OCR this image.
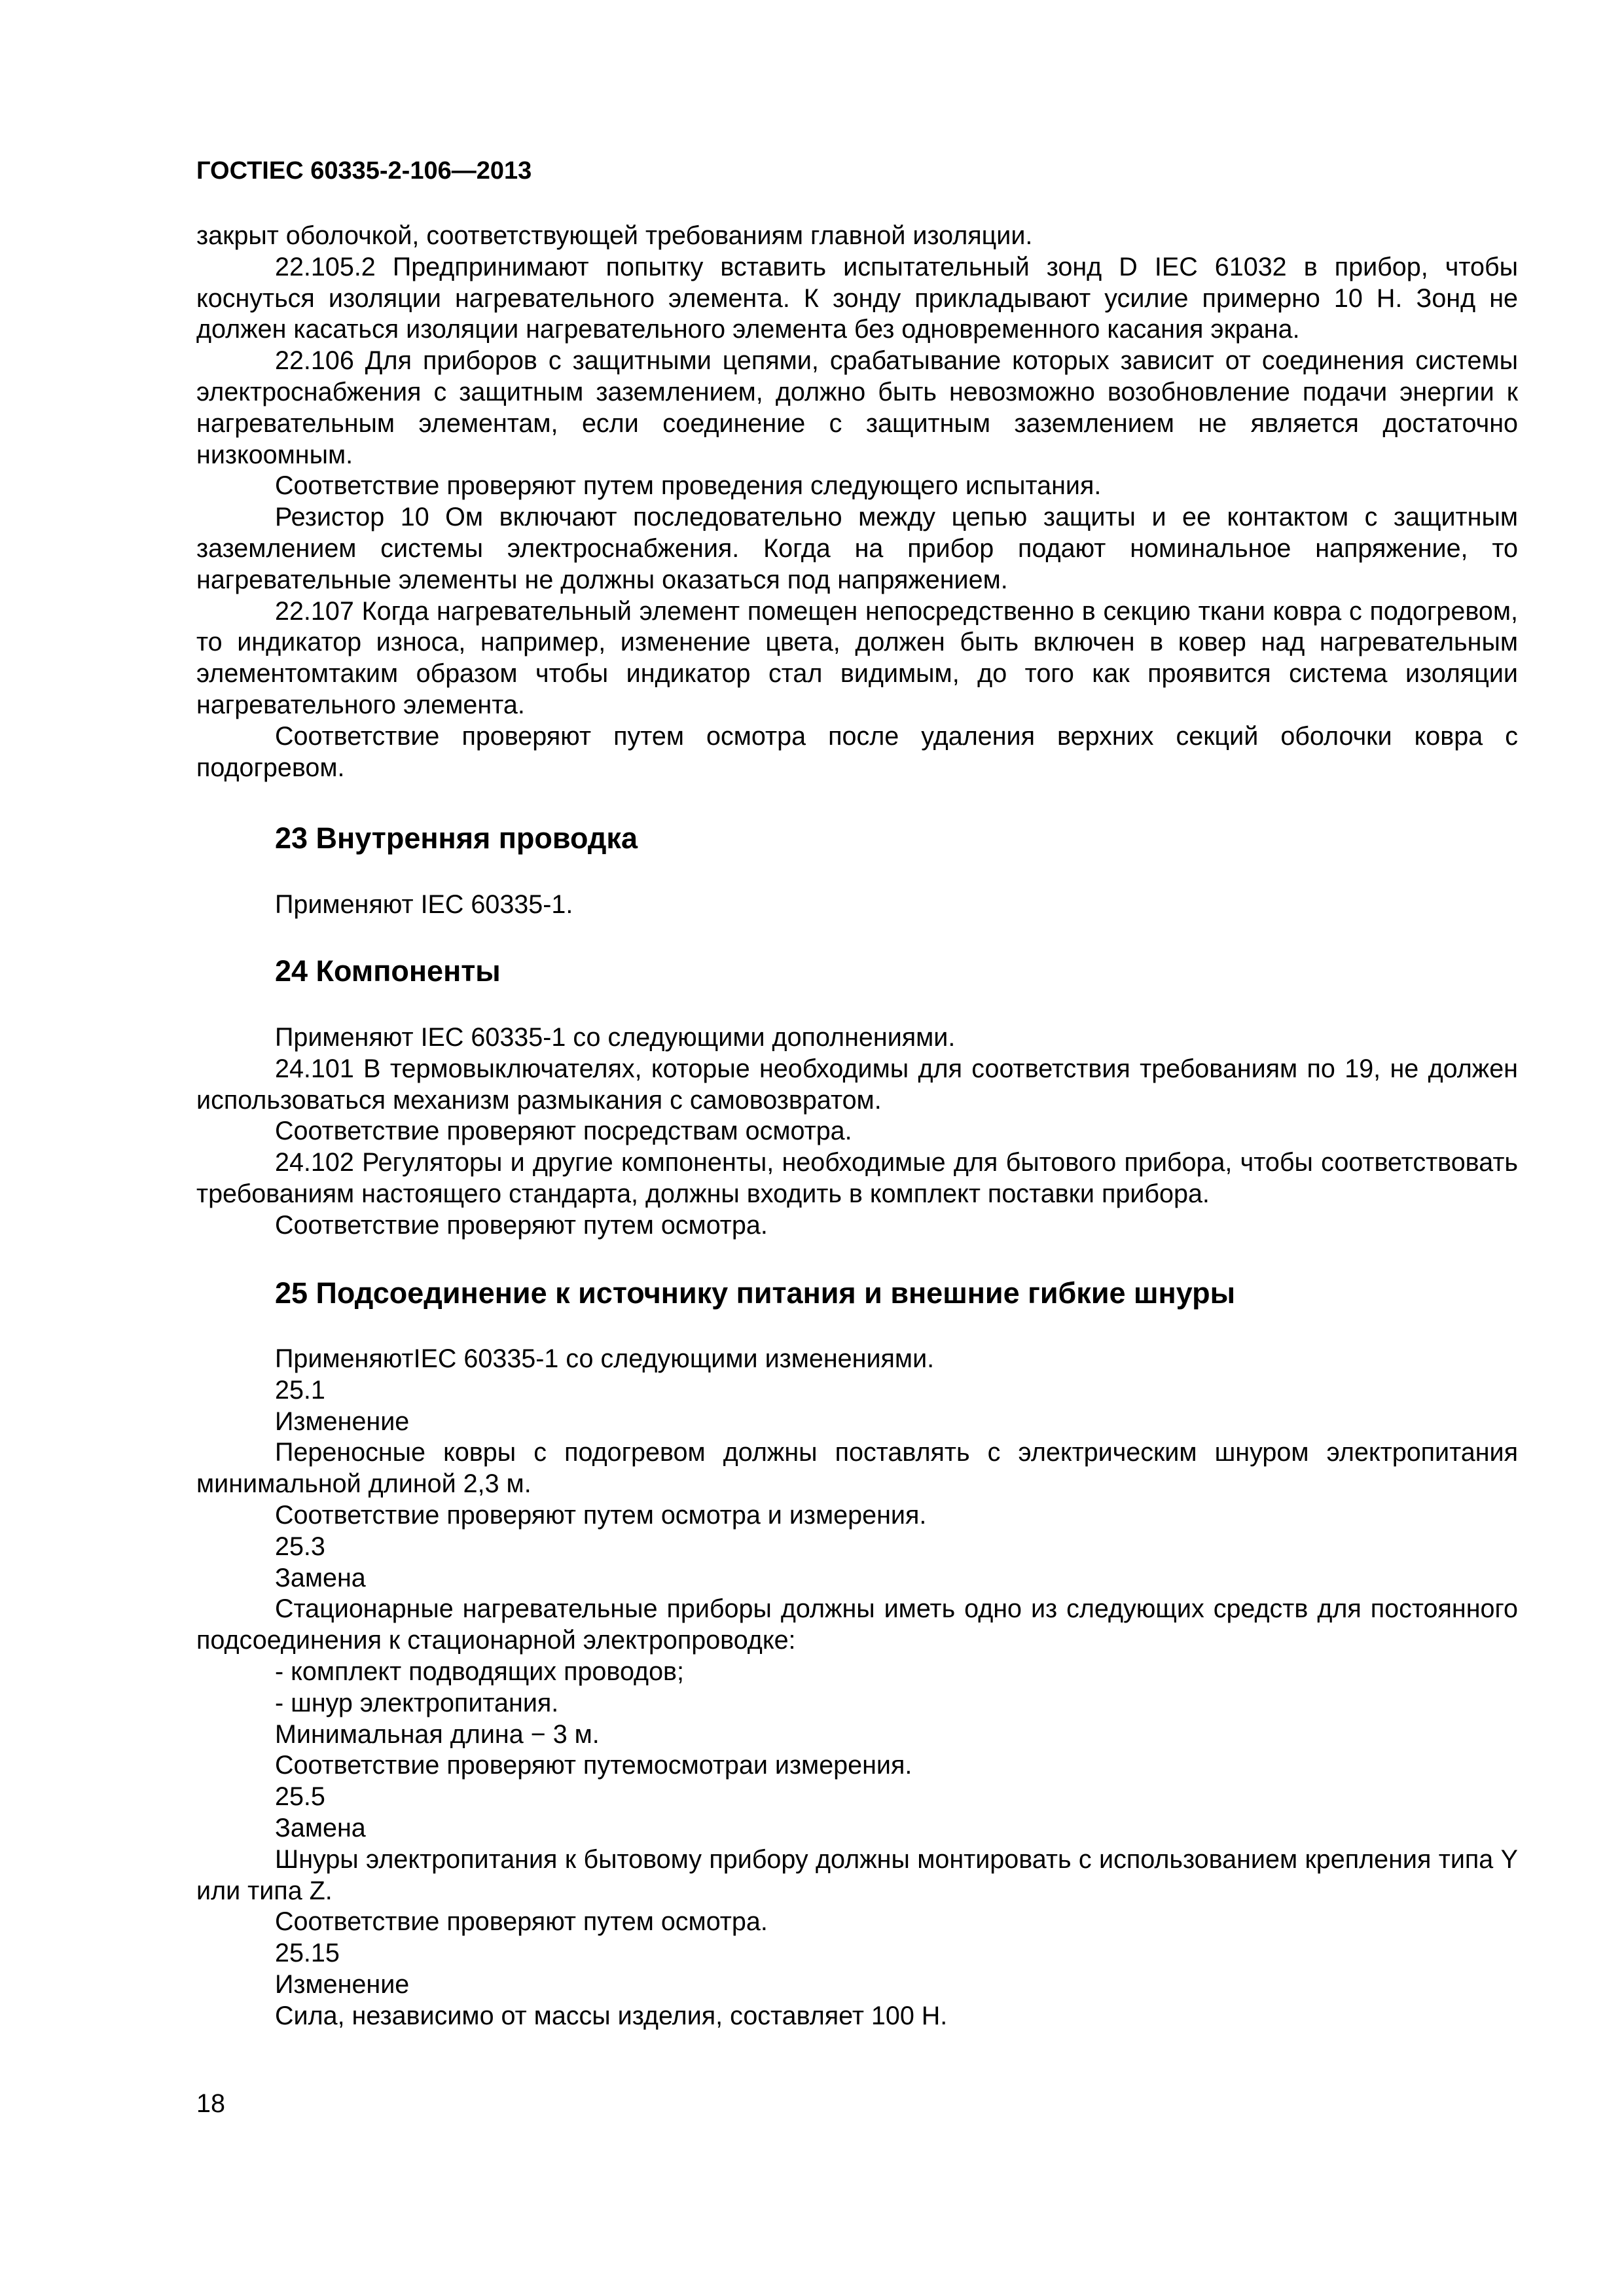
ГОСТIEC 60335-2-106—2013

закрыт оболочкой, соответствующей требованиям главной изоляции.

22.105.2 Предпринимают попытку вставить испытательный зонд D IEC 61032 в прибор, чтобы коснуться изоляции нагревательного элемента. К зонду прикладывают усилие примерно 10 Н. Зонд не должен касаться изоляции нагревательного элемента без одновременного касания экрана.

22.106 Для приборов с защитными цепями, срабатывание которых зависит от соединения системы электроснабжения с защитным заземлением, должно быть невозможно возобновление подачи энергии к нагревательным элементам, если соединение с защитным заземлением не является достаточно низкоомным.

Соответствие проверяют путем проведения следующего испытания.

Резистор 10 Ом включают последовательно между цепью защиты и ее контактом с защитным заземлением системы электроснабжения. Когда на прибор подают номинальное напряжение, то нагревательные элементы не должны оказаться под напряжением.

22.107 Когда нагревательный элемент помещен непосредственно в секцию ткани ковра с подогревом, то индикатор износа, например, изменение цвета, должен быть включен в ковер над нагревательным элементомтаким образом чтобы индикатор стал видимым, до того как проявится система изоляции нагревательного элемента.

Соответствие проверяют путем осмотра после удаления верхних секций оболочки ковра с подогревом.

23 Внутренняя проводка

Применяют IEC 60335-1.

24 Компоненты

Применяют IEC 60335-1 со следующими дополнениями.

24.101 В термовыключателях, которые необходимы для соответствия требованиям по 19, не должен использоваться механизм размыкания с самовозвратом.

Соответствие проверяют посредствам осмотра.

24.102 Регуляторы и другие компоненты, необходимые для бытового прибора, чтобы соответствовать требованиям настоящего стандарта, должны входить в комплект поставки прибора.

Соответствие проверяют путем осмотра.

25 Подсоединение к источнику питания и внешние гибкие шнуры

ПрименяютIEC 60335-1 со следующими изменениями.

25.1

Изменение

Переносные ковры с подогревом должны поставлять с электрическим шнуром электропитания минимальной длиной 2,3 м.

Соответствие проверяют путем осмотра и измерения.

25.3

Замена

Стационарные нагревательные приборы должны иметь одно из следующих средств для постоянного подсоединения к стационарной электропроводке:

- комплект подводящих проводов;

- шнур электропитания.

Минимальная длина − 3 м.

Соответствие проверяют путемосмотраи измерения.

25.5

Замена

Шнуры электропитания к бытовому прибору должны монтировать с использованием крепления типа Y или типа Z.

Соответствие проверяют путем осмотра.

25.15

Изменение

Сила, независимо от массы изделия, составляет 100 Н.

18
